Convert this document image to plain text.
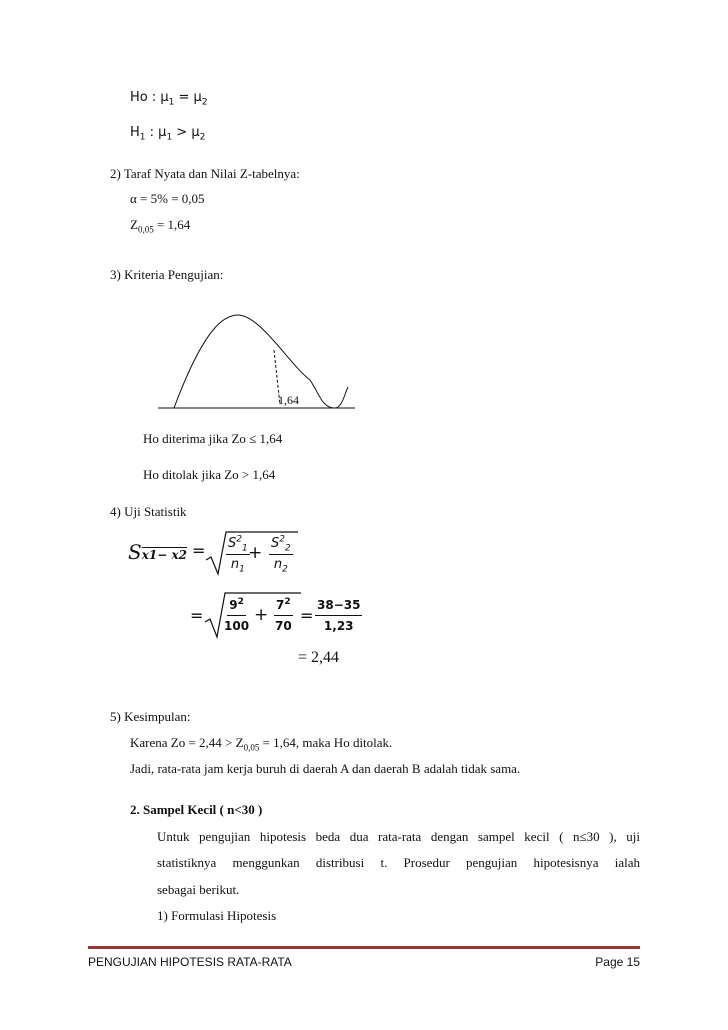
Ho : $\mu_1 = \mu_2$
$H_1$ : $\mu_1 > \mu_2$
2) Taraf Nyata dan Nilai Z-tabelnya:
α = 5% = 0,05
$Z_{0,05} = 1,64$
3) Kriteria Pengujian:
1,64
Ho diterima jika Zo ≤ 1,64
Ho ditolak jika Zo > 1,64
4) Uji Statistik
$Sx1- x2 = \frac{S^2_1}{n_1}$
+ $\frac{S^2_2}{n_2}$
= $\frac{9^2}{100} + \frac{7^2}{70} = \frac{38-35}{1,23}$
= 2,44
5) Kesimpulan:
Karena $Zo = 2,44 > Z_{0,05} = 1,64$, maka Ho ditolak.
Jadi, rata-rata jam kerja buruh di daerah A dan daerah B adalah tidak sama.
2. Sampel Kecil ( n<30 )
Untuk pengujian hipotesis beda dua rata-rata dengan sampel kecil ( n≤30 ), uji
statistiknya menggunkan distribusi t. Prosedur pengujian hipotesisnya ialah
sebagai berikut.
1) Formulasi Hipotesis
PENGUJIAN HIPOTESIS RATA-RATA	Page 15
